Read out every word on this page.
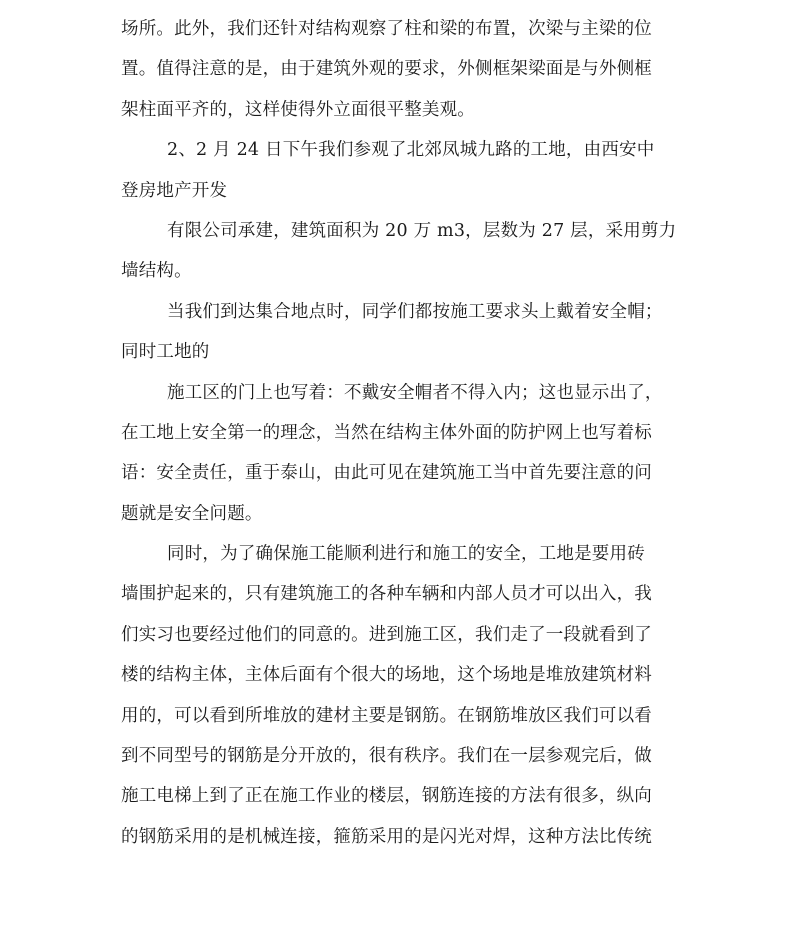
场所。此外，我们还针对结构观察了柱和梁的布置，次梁与主梁的位
置。值得注意的是，由于建筑外观的要求，外侧框架梁面是与外侧框
架柱面平齐的，这样使得外立面很平整美观。
2、2 月 24 日下午我们参观了北郊凤城九路的工地，由西安中
登房地产开发
有限公司承建，建筑面积为 20 万 m3，层数为 27 层，采用剪力
墙结构。
当我们到达集合地点时，同学们都按施工要求头上戴着安全帽；
同时工地的
施工区的门上也写着：不戴安全帽者不得入内；这也显示出了，
在工地上安全第一的理念，当然在结构主体外面的防护网上也写着标
语：安全责任，重于泰山，由此可见在建筑施工当中首先要注意的问
题就是安全问题。
同时，为了确保施工能顺利进行和施工的安全，工地是要用砖
墙围护起来的，只有建筑施工的各种车辆和内部人员才可以出入，我
们实习也要经过他们的同意的。进到施工区，我们走了一段就看到了
楼的结构主体，主体后面有个很大的场地，这个场地是堆放建筑材料
用的，可以看到所堆放的建材主要是钢筋。在钢筋堆放区我们可以看
到不同型号的钢筋是分开放的，很有秩序。我们在一层参观完后，做
施工电梯上到了正在施工作业的楼层，钢筋连接的方法有很多，纵向
的钢筋采用的是机械连接，箍筋采用的是闪光对焊，这种方法比传统
